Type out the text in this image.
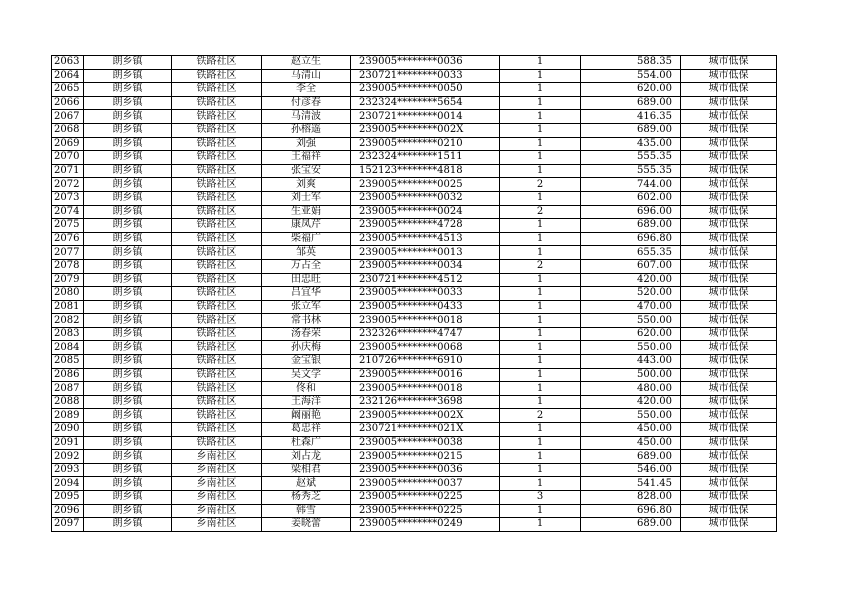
2063	朗乡镇	铁路社区	赵立生	239005********0036	1	588.35	城市低保
2064	朗乡镇	铁路社区	马清山	230721********0033	1	554.00	城市低保
2065	朗乡镇	铁路社区	李全	239005********0050	1	620.00	城市低保
2066	朗乡镇	铁路社区	付彦春	232324********5654	1	689.00	城市低保
2067	朗乡镇	铁路社区	马清波	230721********0014	1	416.35	城市低保
2068	朗乡镇	铁路社区	孙榕遥	239005********002X	1	689.00	城市低保
2069	朗乡镇	铁路社区	刘强	239005********0210	1	435.00	城市低保
2070	朗乡镇	铁路社区	王福祥	232324********1511	1	555.35	城市低保
2071	朗乡镇	铁路社区	张宝安	152123********4818	1	555.35	城市低保
2072	朗乡镇	铁路社区	刘爽	239005********0025	2	744.00	城市低保
2073	朗乡镇	铁路社区	刘士军	239005********0032	1	602.00	城市低保
2074	朗乡镇	铁路社区	生亚娟	239005********0024	2	696.00	城市低保
2075	朗乡镇	铁路社区	康凤芹	239005********4728	1	689.00	城市低保
2076	朗乡镇	铁路社区	柴福广	239005********4513	1	696.80	城市低保
2077	朗乡镇	铁路社区	邹英	239005********0013	1	655.35	城市低保
2078	朗乡镇	铁路社区	万占全	239005********0034	2	607.00	城市低保
2079	朗乡镇	铁路社区	田忠旺	230721********4512	1	420.00	城市低保
2080	朗乡镇	铁路社区	吕宜华	239005********0033	1	520.00	城市低保
2081	朗乡镇	铁路社区	张立军	239005********0433	1	470.00	城市低保
2082	朗乡镇	铁路社区	常书林	239005********0018	1	550.00	城市低保
2083	朗乡镇	铁路社区	汤春荣	232326********4747	1	620.00	城市低保
2084	朗乡镇	铁路社区	孙庆梅	239005********0068	1	550.00	城市低保
2085	朗乡镇	铁路社区	金宝银	210726********6910	1	443.00	城市低保
2086	朗乡镇	铁路社区	吴文学	239005********0016	1	500.00	城市低保
2087	朗乡镇	铁路社区	佟和	239005********0018	1	480.00	城市低保
2088	朗乡镇	铁路社区	王海洋	232126********3698	1	420.00	城市低保
2089	朗乡镇	铁路社区	阚丽艳	239005********002X	2	550.00	城市低保
2090	朗乡镇	铁路社区	葛忠祥	230721********021X	1	450.00	城市低保
2091	朗乡镇	铁路社区	杜森广	239005********0038	1	450.00	城市低保
2092	朗乡镇	乡南社区	刘占龙	239005********0215	1	689.00	城市低保
2093	朗乡镇	乡南社区	梁相君	239005********0036	1	546.00	城市低保
2094	朗乡镇	乡南社区	赵斌	239005********0037	1	541.45	城市低保
2095	朗乡镇	乡南社区	杨秀芝	239005********0225	3	828.00	城市低保
2096	朗乡镇	乡南社区	韩雪	239005********0225	1	696.80	城市低保
2097	朗乡镇	乡南社区	姜晓蕾	239005********0249	1	689.00	城市低保
